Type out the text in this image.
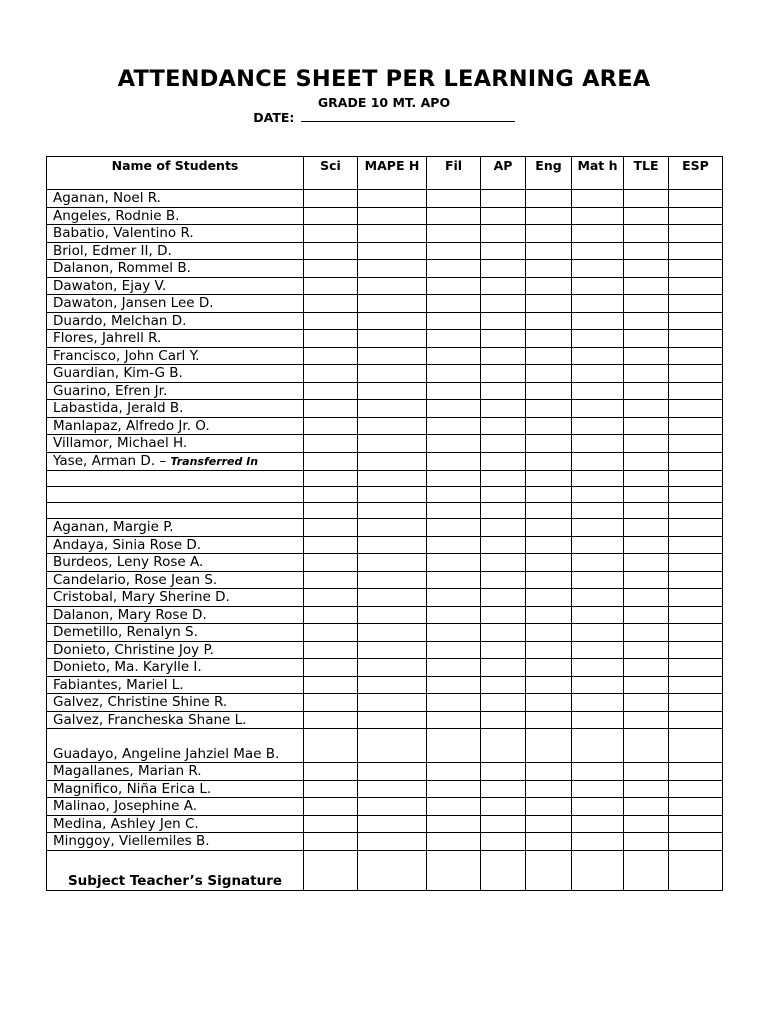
ATTENDANCE SHEET PER LEARNING AREA
GRADE 10 MT. APO
DATE:
Name of Students	Sci	MAPE H	Fil	AP	Eng	Mat h	TLE	ESP
Aganan, Noel R.								
Angeles, Rodnie B.								
Babatio, Valentino R.								
Briol, Edmer II, D.								
Dalanon, Rommel B.								
Dawaton, Ejay V.								
Dawaton, Jansen Lee D.								
Duardo, Melchan D.								
Flores, Jahrell R.								
Francisco, John Carl Y.								
Guardian, Kim-G B.								
Guarino, Efren Jr.								
Labastida, Jerald B.								
Manlapaz, Alfredo Jr. O.								
Villamor, Michael H.								
Yase, Arman D. – Transferred In								

Aganan, Margie P.								
Andaya, Sinia Rose D.								
Burdeos, Leny Rose A.								
Candelario, Rose Jean S.								
Cristobal, Mary Sherine D.								
Dalanon, Mary Rose D.								
Demetillo, Renalyn S.								
Donieto, Christine Joy P.								
Donieto, Ma. Karylle I.								
Fabiantes, Mariel L.								
Galvez, Christine Shine R.								
Galvez, Francheska Shane L.								
Guadayo, Angeline Jahziel Mae B.								
Magallanes, Marian R.								
Magnifico, Niña Erica L.								
Malinao, Josephine A.								
Medina, Ashley Jen C.								
Minggoy, Viellemiles B.								
Subject Teacher’s Signature								
